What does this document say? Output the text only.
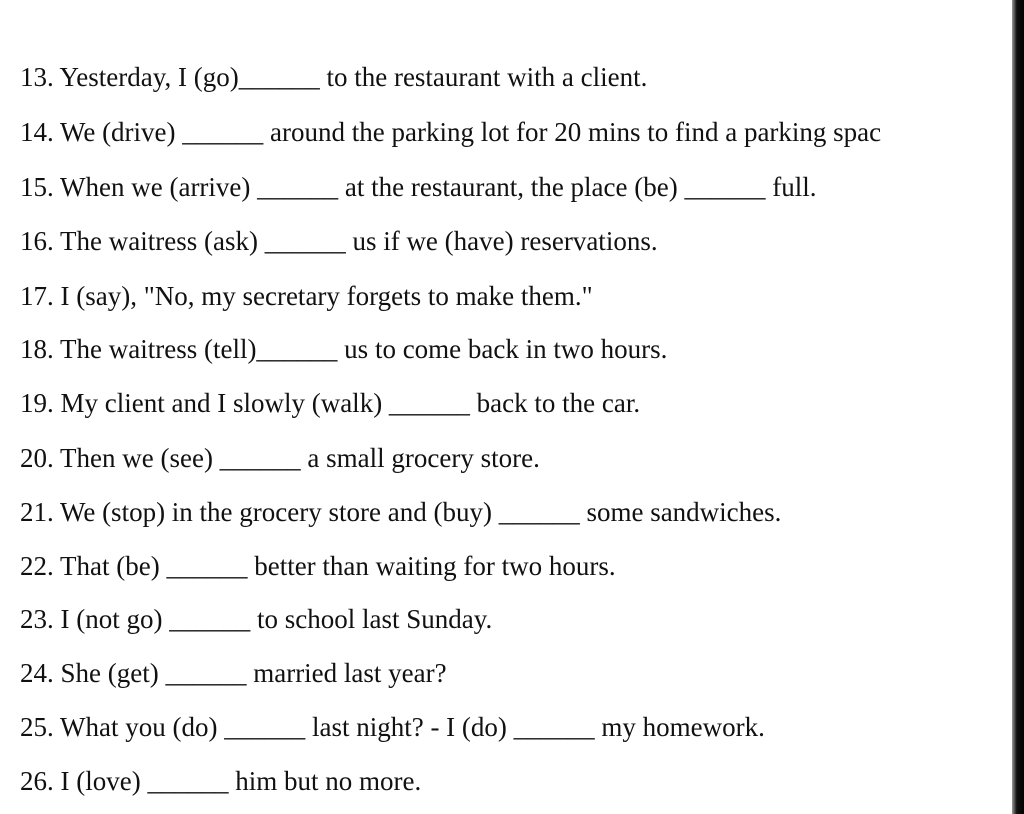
13. Yesterday, I (go)______ to the restaurant with a client.
14. We (drive) ______ around the parking lot for 20 mins to find a parking spac
15. When we (arrive) ______ at the restaurant, the place (be) ______ full.
16. The waitress (ask) ______ us if we (have) reservations.
17. I (say), "No, my secretary forgets to make them."
18. The waitress (tell)______ us to come back in two hours.
19. My client and I slowly (walk) ______ back to the car.
20. Then we (see) ______ a small grocery store.
21. We (stop) in the grocery store and (buy) ______ some sandwiches.
22. That (be) ______ better than waiting for two hours.
23. I (not go) ______ to school last Sunday.
24. She (get) ______ married last year?
25. What you (do) ______ last night? - I (do) ______ my homework.
26. I (love) ______ him but no more.
